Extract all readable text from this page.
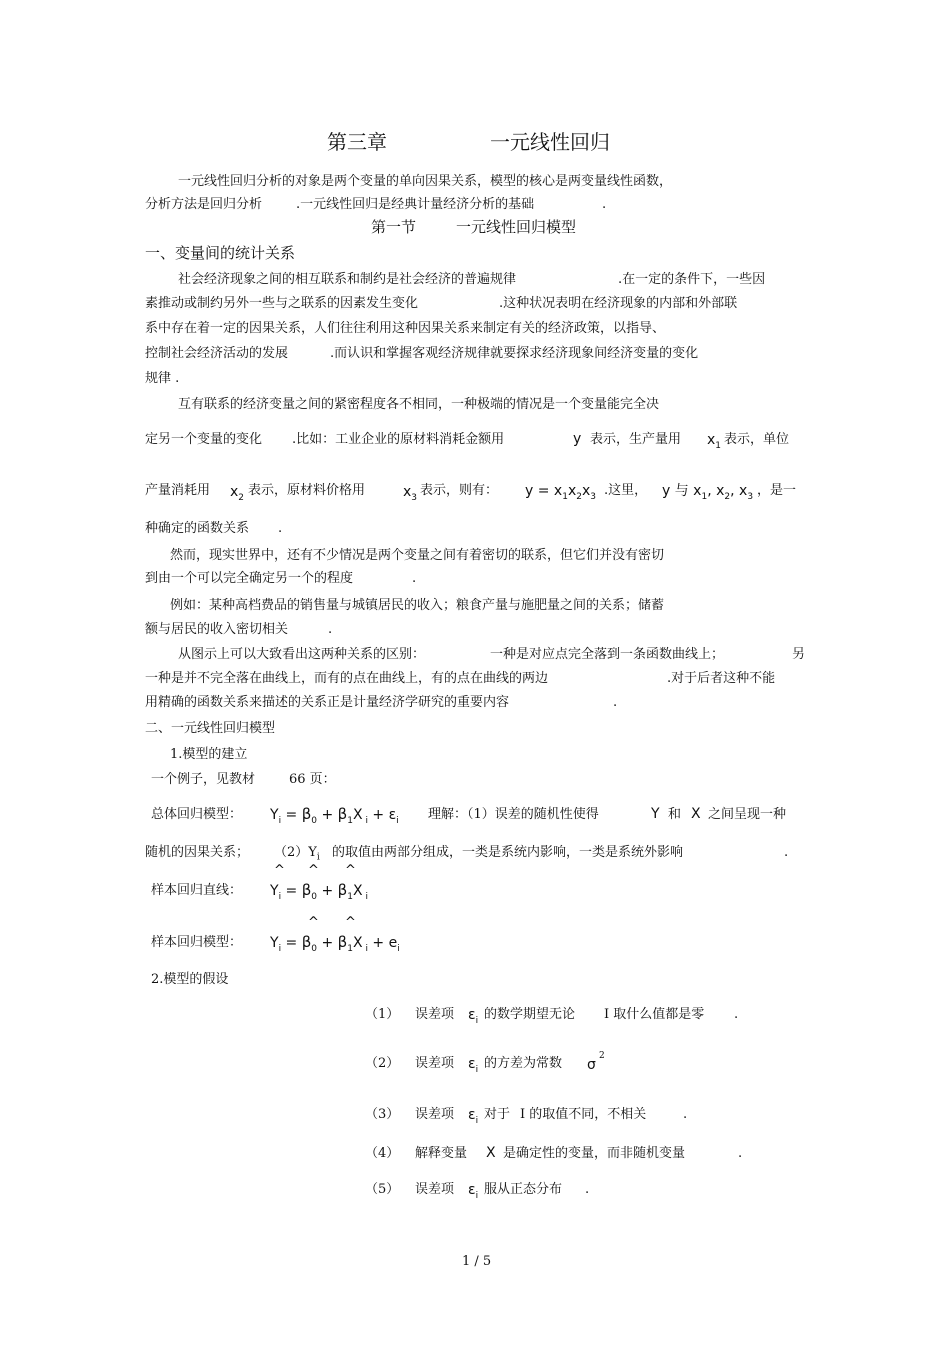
第三章	一元线性回归
一元线性回归分析的对象是两个变量的单向因果关系，模型的核心是两变量线性函数，
分析方法是回归分析	.一元线性回归是经典计量经济分析的基础	.
第一节	一元线性回归模型
一、变量间的统计关系
社会经济现象之间的相互联系和制约是社会经济的普遍规律	.在一定的条件下，一些因
素推动或制约另外一些与之联系的因素发生变化	.这种状况表明在经济现象的内部和外部联
系中存在着一定的因果关系，人们往往利用这种因果关系来制定有关的经济政策，以指导、
控制社会经济活动的发展	.而认识和掌握客观经济规律就要探求经济现象间经济变量的变化
规律 .
互有联系的经济变量之间的紧密程度各不相同，一种极端的情况是一个变量能完全决
定另一个变量的变化 .比如：工业企业的原材料消耗金额用	y 表示，生产量用 $x_1$ 表示，单位
产量消耗用 $x_2$ 表示，原材料价格用	$x_3$ 表示，则有： $y = x_1x_2x_3$ .这里， y 与 $x_1$, $x_2$, $x_3$ ，是一
种确定的函数关系 .
然而，现实世界中，还有不少情况是两个变量之间有着密切的联系，但它们并没有密切
到由一个可以完全确定另一个的程度	.
例如：某种高档费品的销售量与城镇居民的收入；粮食产量与施肥量之间的关系；储蓄
额与居民的收入密切相关	.
从图示上可以大致看出这两种关系的区别：	一种是对应点完全落到一条函数曲线上；	另
一种是并不完全落在曲线上，而有的点在曲线上，有的点在曲线的两边	.对于后者这种不能
用精确的函数关系来描述的关系正是计量经济学研究的重要内容	.
二、一元线性回归模型
1.模型的建立
一个例子，见教材	66 页：
总体回归模型： $Y_i = \beta_0 + \beta_1X$ $_i + \varepsilon_i$ 理解：（1）误差的随机性使得	Y 和 X 之间呈现一种
随机的因果关系； $(2)Y_i$ 的取值由两部分组成，一类是系统内影响，一类是系统外影响	.
样本回归直线：
^ ^ ^
$Y_i = \beta_0 + \beta_1X$ $_i$
样本回归模型：
^ ^
$Y_i = \beta_0 + \beta_1X$ $_i + e_i$
2.模型的假设
（1） 误差项 $\varepsilon_i$ 的数学期望无论 I 取什么值都是零 .
（2） 误差项 $\varepsilon_i$ 的方差为常数 σ
2
（3） 误差项 $\varepsilon_i$ 对于 I 的取值不同，不相关	.
（4） 解释变量 X 是确定性的变量，而非随机变量	.
（5） 误差项 $\varepsilon_i$ 服从正态分布 .
1 / 5
